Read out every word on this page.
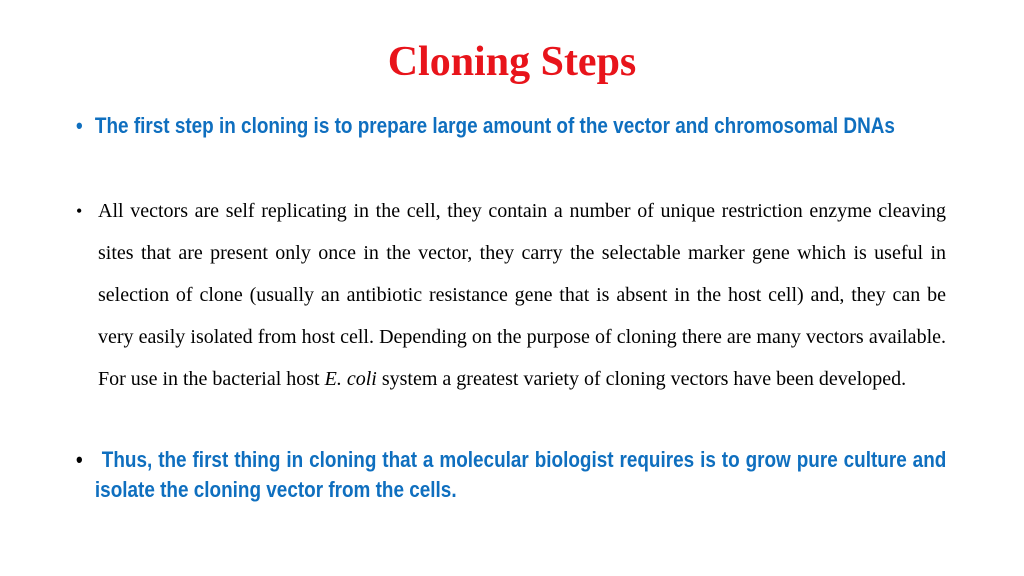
Cloning Steps
• The first step in cloning is to prepare large amount of the vector and chromosomal DNAs
• All vectors are self replicating in the cell, they contain a number of unique restriction enzyme cleaving sites that are present only once in the vector, they carry the selectable marker gene which is useful in selection of clone (usually an antibiotic resistance gene that is absent in the host cell) and, they can be very easily isolated from host cell. Depending on the purpose of cloning there are many vectors available. For use in the bacterial host E. coli system a greatest variety of cloning vectors have been developed.
• Thus, the first thing in cloning that a molecular biologist requires is to grow pure culture and isolate the cloning vector from the cells.
